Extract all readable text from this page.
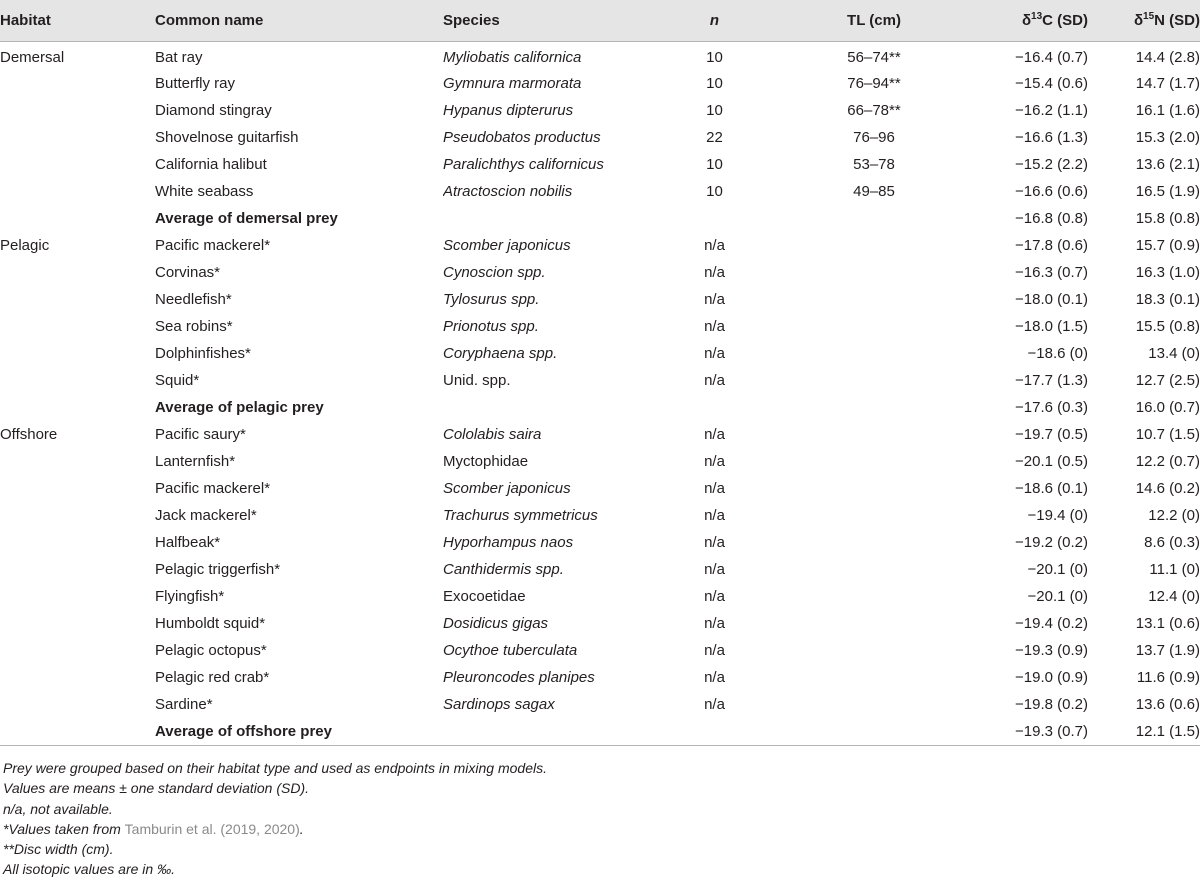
Habitat	Common name	Species	n	TL (cm)	$\delta^{13}C$ (SD)	$\delta^{15}N$ (SD)
Demersal	Bat ray	Myliobatis californica	10	56–74**	−16.4 (0.7)	14.4 (2.8)
	Butterfly ray	Gymnura marmorata	10	76–94**	−15.4 (0.6)	14.7 (1.7)
	Diamond stingray	Hypanus dipterurus	10	66–78**	−16.2 (1.1)	16.1 (1.6)
	Shovelnose guitarfish	Pseudobatos productus	22	76–96	−16.6 (1.3)	15.3 (2.0)
	California halibut	Paralichthys californicus	10	53–78	−15.2 (2.2)	13.6 (2.1)
	White seabass	Atractoscion nobilis	10	49–85	−16.6 (0.6)	16.5 (1.9)
	Average of demersal prey				−16.8 (0.8)	15.8 (0.8)
Pelagic	Pacific mackerel*	Scomber japonicus	n/a		−17.8 (0.6)	15.7 (0.9)
	Corvinas*	Cynoscion spp.	n/a		−16.3 (0.7)	16.3 (1.0)
	Needlefish*	Tylosurus spp.	n/a		−18.0 (0.1)	18.3 (0.1)
	Sea robins*	Prionotus spp.	n/a		−18.0 (1.5)	15.5 (0.8)
	Dolphinfishes*	Coryphaena spp.	n/a		−18.6 (0)	13.4 (0)
	Squid*	Unid. spp.	n/a		−17.7 (1.3)	12.7 (2.5)
	Average of pelagic prey				−17.6 (0.3)	16.0 (0.7)
Offshore	Pacific saury*	Cololabis saira	n/a		−19.7 (0.5)	10.7 (1.5)
	Lanternfish*	Myctophidae	n/a		−20.1 (0.5)	12.2 (0.7)
	Pacific mackerel*	Scomber japonicus	n/a		−18.6 (0.1)	14.6 (0.2)
	Jack mackerel*	Trachurus symmetricus	n/a		−19.4 (0)	12.2 (0)
	Halfbeak*	Hyporhampus naos	n/a		−19.2 (0.2)	8.6 (0.3)
	Pelagic triggerfish*	Canthidermis spp.	n/a		−20.1 (0)	11.1 (0)
	Flyingfish*	Exocoetidae	n/a		−20.1 (0)	12.4 (0)
	Humboldt squid*	Dosidicus gigas	n/a		−19.4 (0.2)	13.1 (0.6)
	Pelagic octopus*	Ocythoe tuberculata	n/a		−19.3 (0.9)	13.7 (1.9)
	Pelagic red crab*	Pleuroncodes planipes	n/a		−19.0 (0.9)	11.6 (0.9)
	Sardine*	Sardinops sagax	n/a		−19.8 (0.2)	13.6 (0.6)
	Average of offshore prey				−19.3 (0.7)	12.1 (1.5)

Prey were grouped based on their habitat type and used as endpoints in mixing models.

Values are means ± one standard deviation (SD).

n/a, not available.

*Values taken from Tamburin et al. (2019, 2020).

**Disc width (cm).

All isotopic values are in ‰.
